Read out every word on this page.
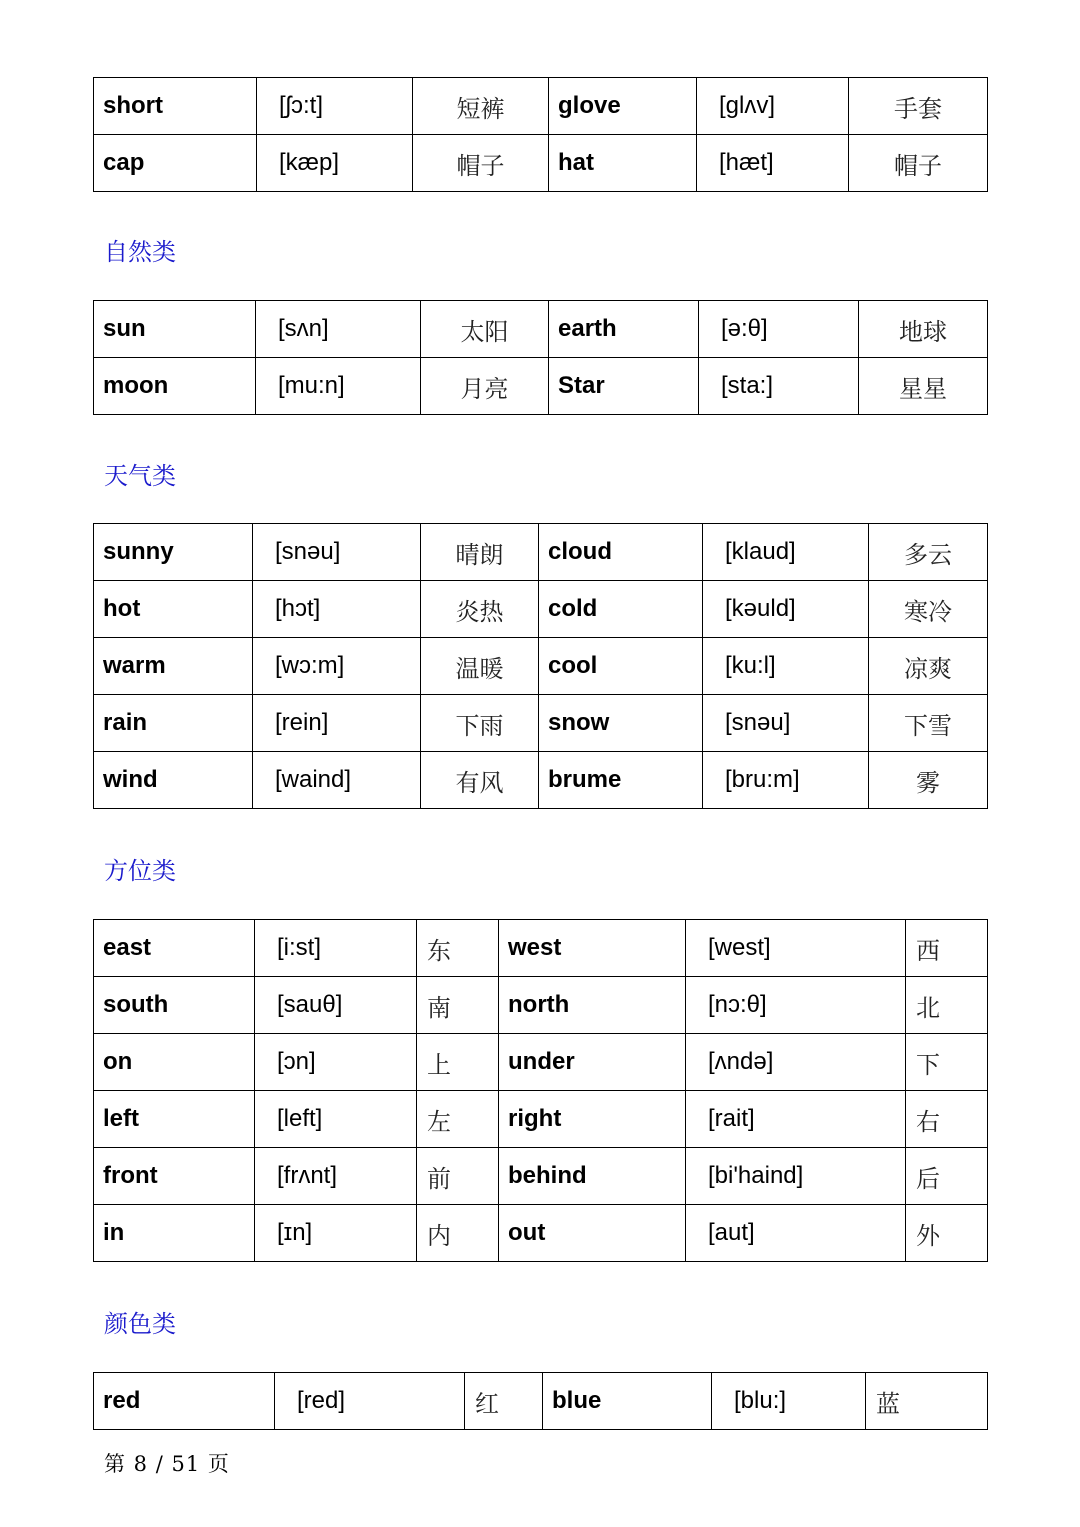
short	[ʃɔ:t]	短裤	glove	[glʌv]	手套
cap	[kæp]	帽子	hat	[hæt]	帽子
自然类
sun	[sʌn]	太阳	earth	[ə:θ]	地球
moon	[mu:n]	月亮	Star	[sta:]	星星
天气类
sunny	[snəu]	晴朗	cloud	[klaud]	多云
hot	[hɔt]	炎热	cold	[kəuld]	寒冷
warm	[wɔ:m]	温暖	cool	[ku:l]	凉爽
rain	[rein]	下雨	snow	[snəu]	下雪
wind	[waind]	有风	brume	[bru:m]	雾
方位类
east	[i:st]	东	west	[west]	西
south	[sauθ]	南	north	[nɔ:θ]	北
on	[ɔn]	上	under	[ʌndə]	下
left	[left]	左	right	[rait]	右
front	[frʌnt]	前	behind	[bi'haind]	后
in	[ɪn]	内	out	[aut]	外
颜色类
red	[red]	红	blue	[blu:]	蓝
第 8 / 51 页
